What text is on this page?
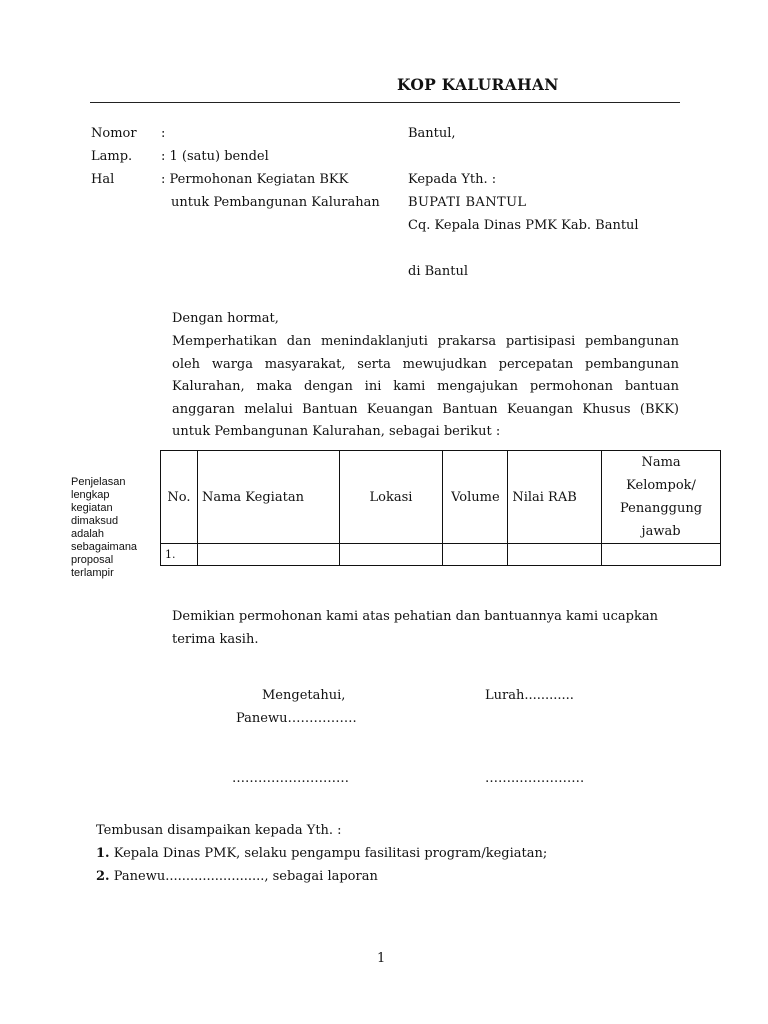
KOP KALURAHAN
Nomor :
Lamp. : 1 (satu) bendel
Hal	: Permohonan Kegiatan BKK
untuk Pembangunan Kalurahan
Bantul,
Kepada Yth. :
BUPATI BANTUL
Cq. Kepala Dinas PMK Kab. Bantul
di Bantul
Dengan hormat,
Memperhatikan dan menindaklanjuti prakarsa partisipasi pembangunan oleh warga masyarakat, serta mewujudkan percepatan pembangunan Kalurahan, maka dengan ini kami mengajukan permohonan bantuan anggaran melalui Bantuan Keuangan Bantuan Keuangan Khusus (BKK) untuk Pembangunan Kalurahan, sebagai berikut :
Penjelasan lengkap kegiatan dimaksud adalah sebagaimana proposal terlampir
No.	Nama Kegiatan	Lokasi	Volume	Nilai RAB	Nama Kelompok/ Penanggung jawab
1.					
Demikian permohonan kami atas pehatian dan bantuannya kami ucapkan terima kasih.
Mengetahui,
Panewu…………….
………………………
Lurah............
……..……………
Tembusan disampaikan kepada Yth. :
1. Kepala Dinas PMK, selaku pengampu fasilitasi program/kegiatan;
2. Panewu........................, sebagai laporan
1
